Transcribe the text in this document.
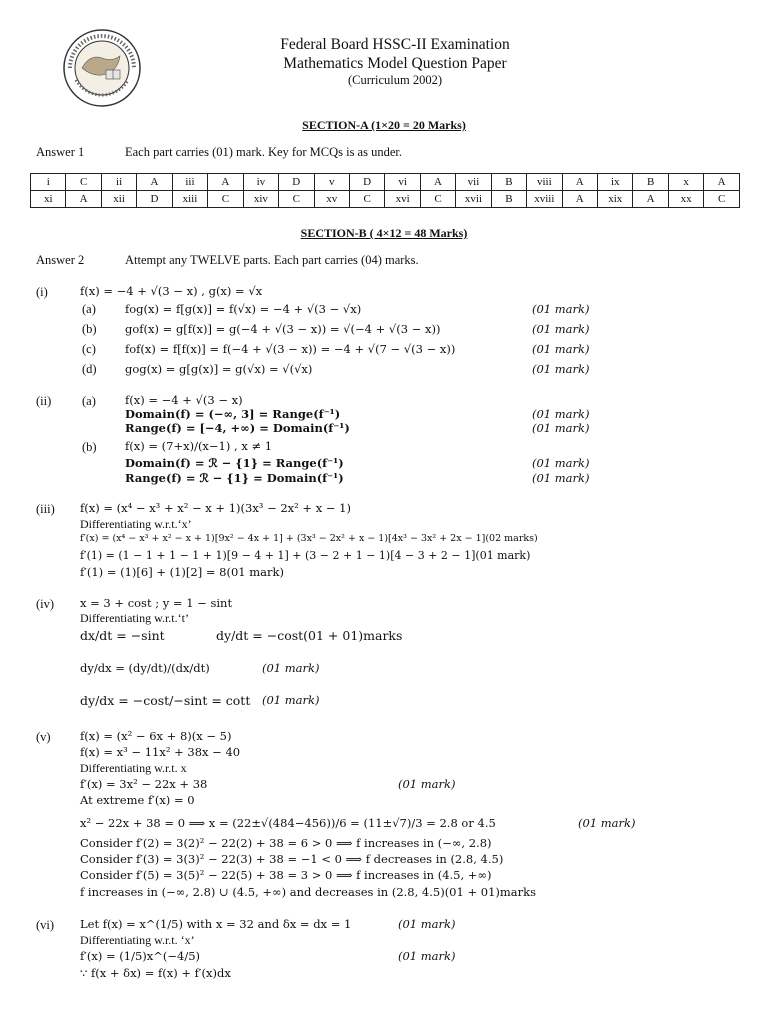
Federal Board HSSC-II Examination
Mathematics Model Question Paper
(Curriculum 2002)
SECTION-A (1×20 = 20 Marks)
Answer 1	Each part carries (01) mark. Key for MCQs is as under.
i	C	ii	A	iii	A	iv	D	v	D	vi	A	vii	B	viii	A	ix	B	x	A
xi	A	xii	D	xiii	C	xiv	C	xv	C	xvi	C	xvii	B	xviii	A	xix	A	xx	C
SECTION-B ( 4×12 = 48 Marks)
Answer 2	Attempt any TWELVE parts. Each part carries (04) marks.
(i)	f(x) = −4 + √(3 − x) , g(x) = √x
(a)	fog(x) = f[g(x)] = f(√x) = −4 + √(3 − √x)	(01 mark)
(b) gof(x) = g[f(x)] = g(−4 + √(3 − x)) = √(−4 + √(3 − x))	(01 mark)
(c)	fof(x) = f[f(x)] = f(−4 + √(3 − x)) = −4 + √(7 − √(3 − x))	(01 mark)
(d) gog(x) = g[g(x)] = g(√x) = √(√x)	(01 mark)
(ii) (a)	f(x) = −4 + √(3 − x)
Domain(f) = (−∞, 3] = Range(f⁻¹)	(01 mark)
Range(f) = [−4, +∞) = Domain(f⁻¹)	(01 mark)
(b) f(x) = (7+x)/(x−1) , x ≠ 1
Domain(f) = ℛ − {1} = Range(f⁻¹)	(01 mark)
Range(f) = ℛ − {1} = Domain(f⁻¹)	(01 mark)
(iii) f(x) = (x⁴ − x³ + x² − x + 1)(3x³ − 2x² + x − 1)
Differentiating w.r.t.‘x’
f′(x) = (x⁴ − x³ + x² − x + 1)[9x² − 4x + 1] + (3x³ − 2x² + x − 1)[4x³ − 3x² + 2x − 1](02 marks)
f′(1) = (1 − 1 + 1 − 1 + 1)[9 − 4 + 1] + (3 − 2 + 1 − 1)[4 − 3 + 2 − 1](01 mark)
f′(1) = (1)[6] + (1)[2] = 8(01 mark)
(iv) x = 3 + cost ; y = 1 − sint
Differentiating w.r.t.‘t’
dx/dt = −sint	dy/dt = −cost(01 + 01)marks
dy/dx = (dy/dt)/(dx/dt)	(01 mark)
dy/dx = −cost/−sint = cott (01 mark)
(v)	f(x) = (x² − 6x + 8)(x − 5)
f(x) = x³ − 11x² + 38x − 40
Differentiating w.r.t. x
f′(x) = 3x² − 22x + 38	(01 mark)
At extreme f′(x) = 0
x² − 22x + 38 = 0 ⟹ x = (22±√(484−456))/6 = (11±√7)/3 = 2.8 or 4.5	(01 mark)
Consider f′(2) = 3(2)² − 22(2) + 38 = 6 > 0 ⟹ f increases in (−∞, 2.8)
Consider f′(3) = 3(3)² − 22(3) + 38 = −1 < 0 ⟹ f decreases in (2.8, 4.5)
Consider f′(5) = 3(5)² − 22(5) + 38 = 3 > 0 ⟹ f increases in (4.5, +∞)
f increases in (−∞, 2.8) ∪ (4.5, +∞) and decreases in (2.8, 4.5)(01 + 01)marks
(vi) Let f(x) = x^(1/5) with x = 32 and δx = dx = 1	(01 mark)
Differentiating w.r.t. ‘x’
f′(x) = (1/5)x^(−4/5)	(01 mark)
∵ f(x + δx) = f(x) + f′(x)dx
